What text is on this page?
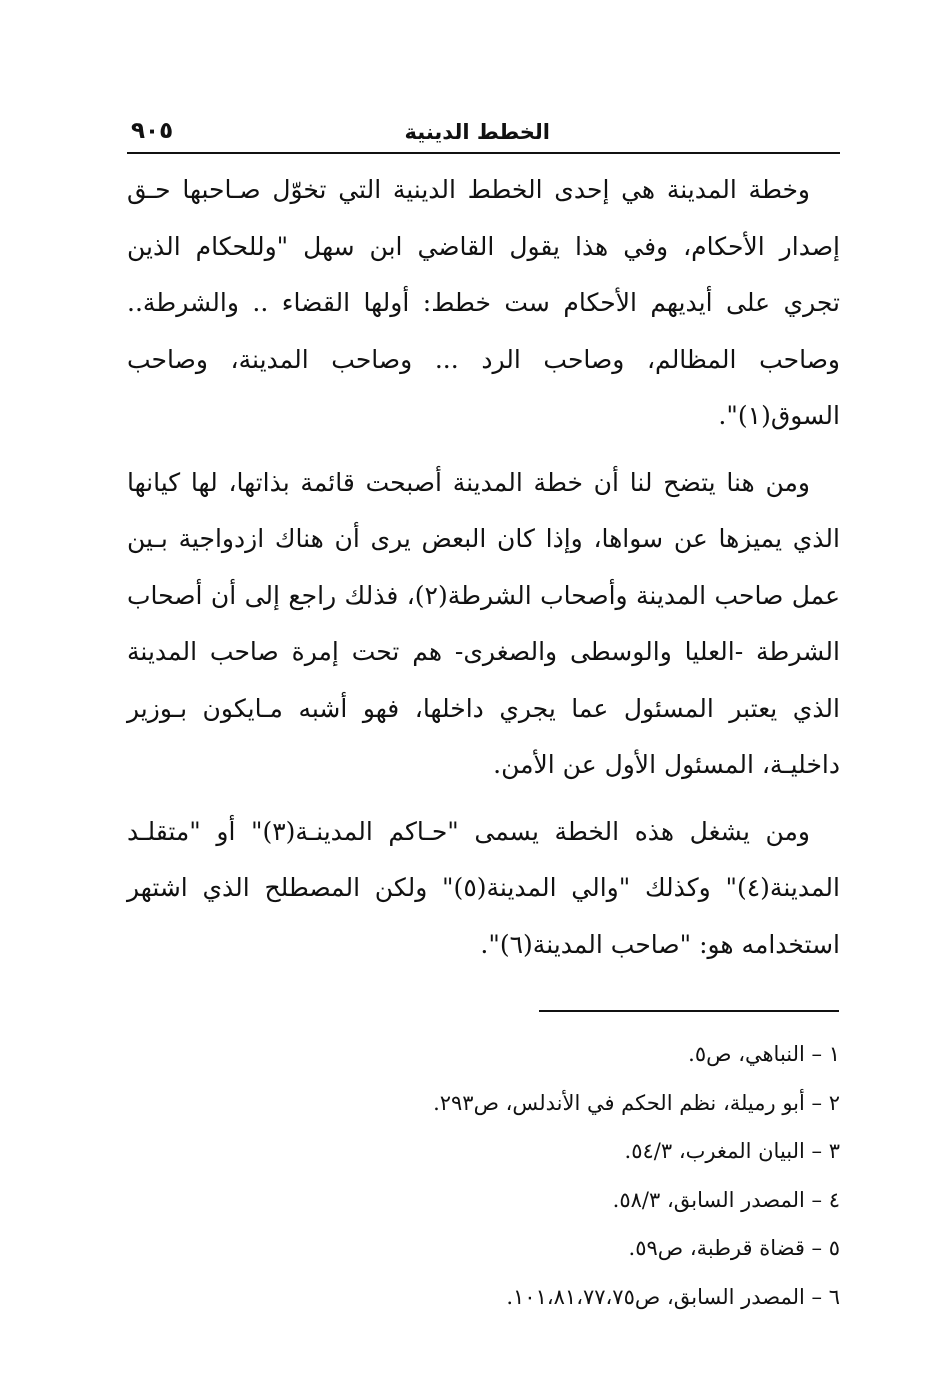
الخطط الدينية
٩٠٥

وخطة المدينة هي إحدى الخطط الدينية التي تخوّل صـاحبها حـق إصدار الأحكام، وفي هذا يقول القاضي ابن سهل "وللحكام الذين تجري على أيديهم الأحكام ست خطط: أولها القضاء .. والشرطة.. وصاحب المظالم، وصاحب الرد ... وصاحب المدينة، وصاحب السوق(١)".

ومن هنا يتضح لنا أن خطة المدينة أصبحت قائمة بذاتها، لها كيانها الذي يميزها عن سواها، وإذا كان البعض يرى أن هناك ازدواجية بـين عمل صاحب المدينة وأصحاب الشرطة(٢)، فذلك راجع إلى أن أصحاب الشرطة -العليا والوسطى والصغرى- هم تحت إمرة صاحب المدينة الذي يعتبر المسئول عما يجري داخلها، فهو أشبه مـايكون بـوزير داخليـة، المسئول الأول عن الأمن.

ومن يشغل هذه الخطة يسمى "حـاكم المدينـة(٣)" أو "متقلـد المدينة(٤)" وكذلك "والي المدينة(٥)" ولكن المصطلح الذي اشتهر استخدامه هو: "صاحب المدينة(٦)".

١ – النباهي، ص٥.
٢ – أبو رميلة، نظم الحكم في الأندلس، ص٢٩٣.
٣ – البيان المغرب، ٥٤/٣.
٤ – المصدر السابق، ٥٨/٣.
٥ – قضاة قرطبة، ص٥٩.
٦ – المصدر السابق، ص١٠١،٨١،٧٧،٧٥.
